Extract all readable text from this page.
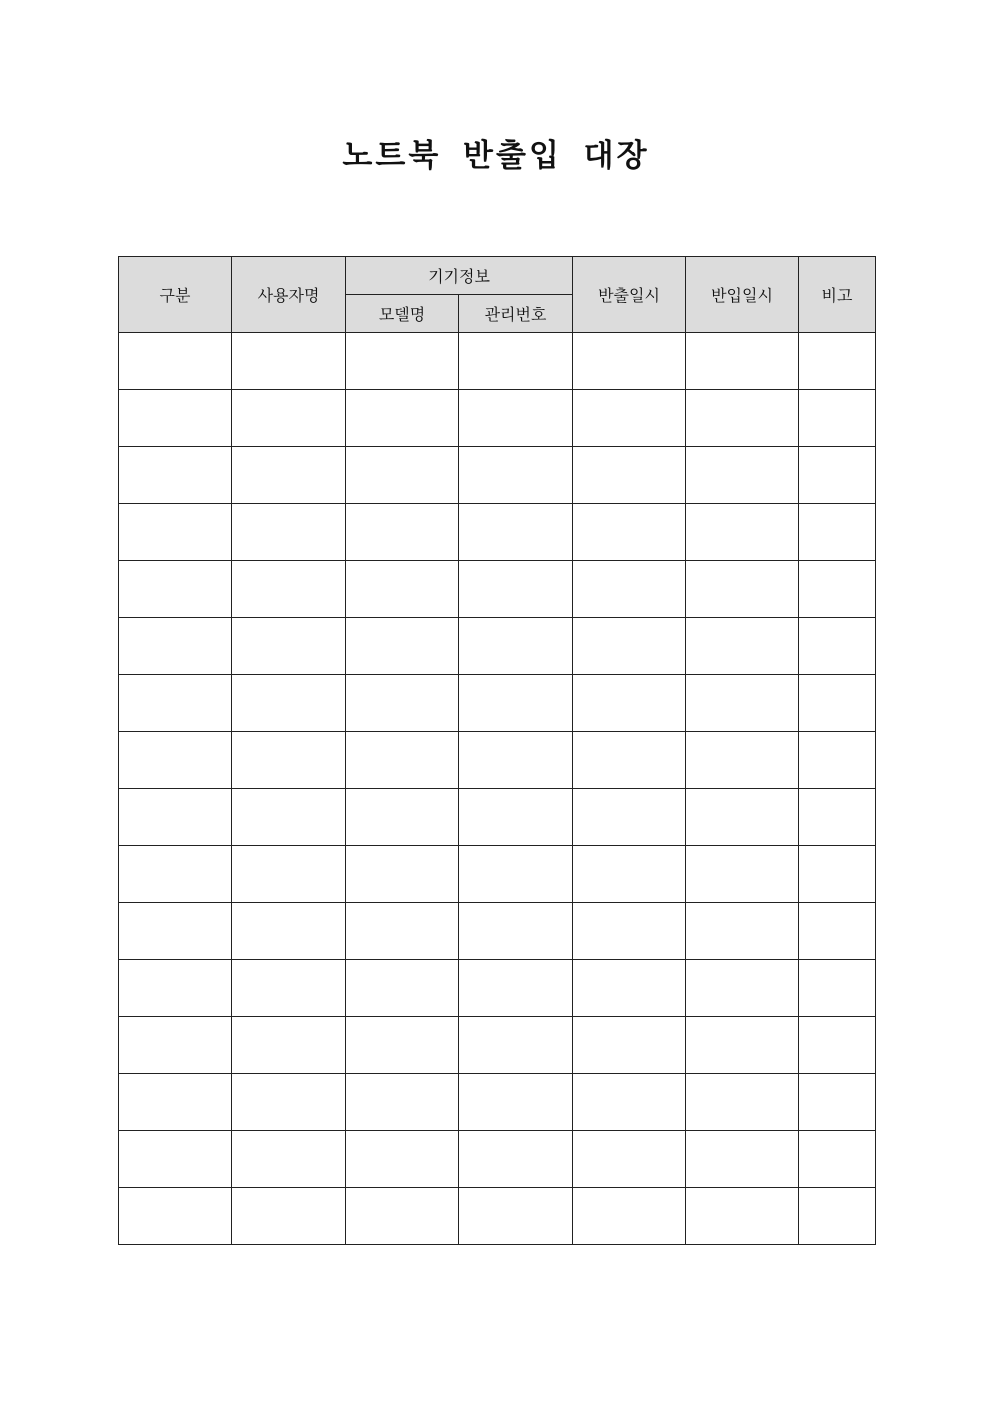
노트북 반출입 대장
구분	사용자명	기기정보		반출일시	반입일시	비고
		모델명	관리번호			
